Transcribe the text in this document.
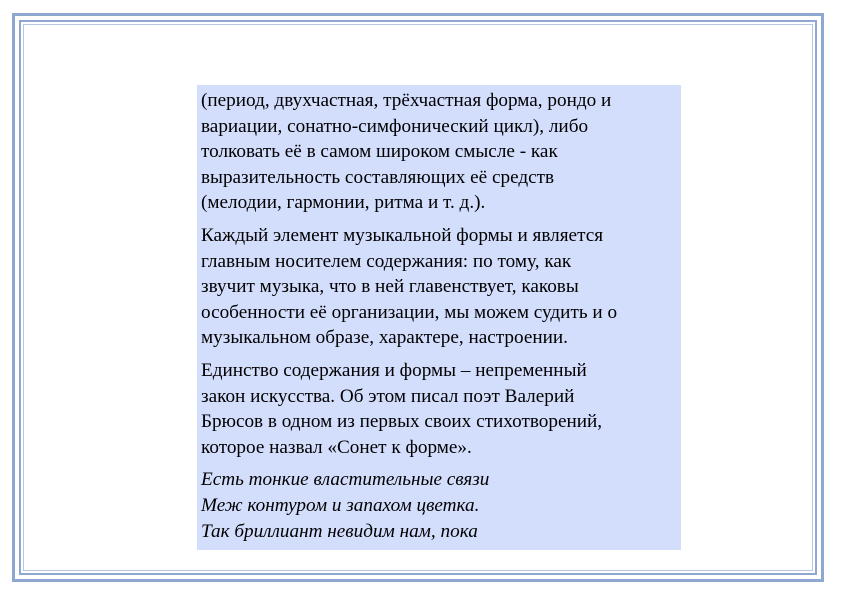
(период, двухчастная, трёхчастная форма, рондо и
вариации, сонатно-симфонический цикл), либо
толковать её в самом широком смысле - как
выразительность составляющих её средств
(мелодии, гармонии, ритма и т. д.).

Каждый элемент музыкальной формы и является
главным носителем содержания: по тому, как
звучит музыка, что в ней главенствует, каковы
особенности её организации, мы можем судить и о
музыкальном образе, характере, настроении.

Единство содержания и формы – непременный
закон искусства. Об этом писал поэт Валерий
Брюсов в одном из первых своих стихотворений,
которое назвал «Сонет к форме».

Есть тонкие властительные связи
Меж контуром и запахом цветка.
Так бриллиант невидим нам, пока
